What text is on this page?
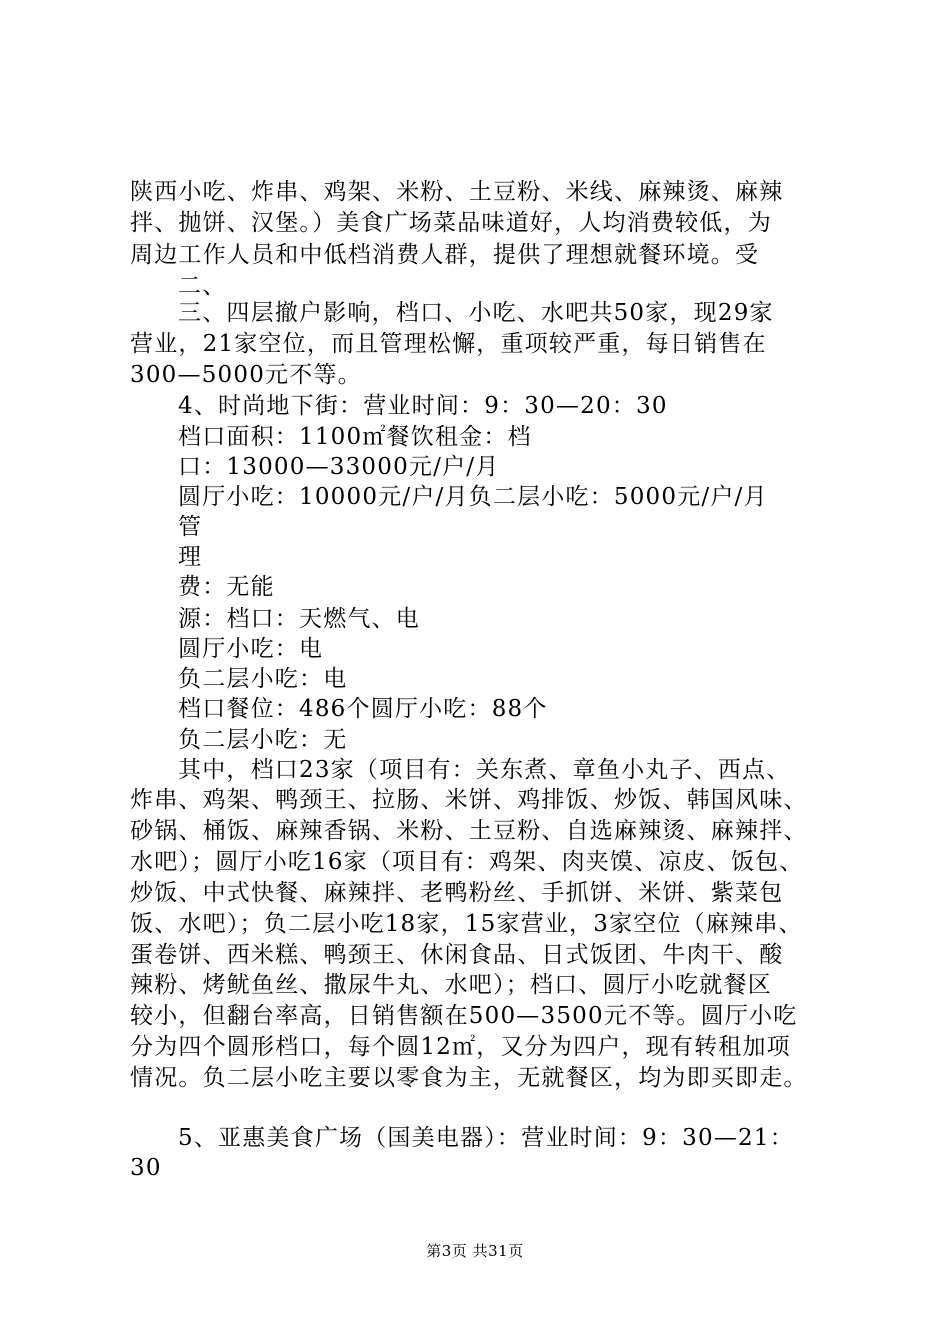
陕西小吃、炸串、鸡架、米粉、土豆粉、米线、麻辣烫、麻辣
拌、抛饼、汉堡。）美食广场菜品味道好，人均消费较低，为
周边工作人员和中低档消费人群，提供了理想就餐环境。受
二、
三、四层撤户影响，档口、小吃、水吧共50家，现29家
营业，21家空位，而且管理松懈，重项较严重，每日销售在
300—5000元不等。
4、时尚地下街：营业时间：9：30—20：30
档口面积：1100㎡餐饮租金：档
口：13000—33000元/户/月
圆厅小吃：10000元/户/月负二层小吃：5000元/户/月
管
理
费：无能
源：档口：天燃气、电
圆厅小吃：电
负二层小吃：电
档口餐位：486个圆厅小吃：88个
负二层小吃：无
其中，档口23家（项目有：关东煮、章鱼小丸子、西点、
炸串、鸡架、鸭颈王、拉肠、米饼、鸡排饭、炒饭、韩国风味、
砂锅、桶饭、麻辣香锅、米粉、土豆粉、自选麻辣烫、麻辣拌、
水吧）；圆厅小吃16家（项目有：鸡架、肉夹馍、凉皮、饭包、
炒饭、中式快餐、麻辣拌、老鸭粉丝、手抓饼、米饼、紫菜包
饭、水吧）；负二层小吃18家，15家营业，3家空位（麻辣串、
蛋卷饼、西米糕、鸭颈王、休闲食品、日式饭团、牛肉干、酸
辣粉、烤鱿鱼丝、撒尿牛丸、水吧）；档口、圆厅小吃就餐区
较小，但翻台率高，日销售额在500—3500元不等。圆厅小吃
分为四个圆形档口，每个圆12㎡，又分为四户，现有转租加项
情况。负二层小吃主要以零食为主，无就餐区，均为即买即走。
5、亚惠美食广场（国美电器）：营业时间：9：30—21：
30
第3页 共31页
